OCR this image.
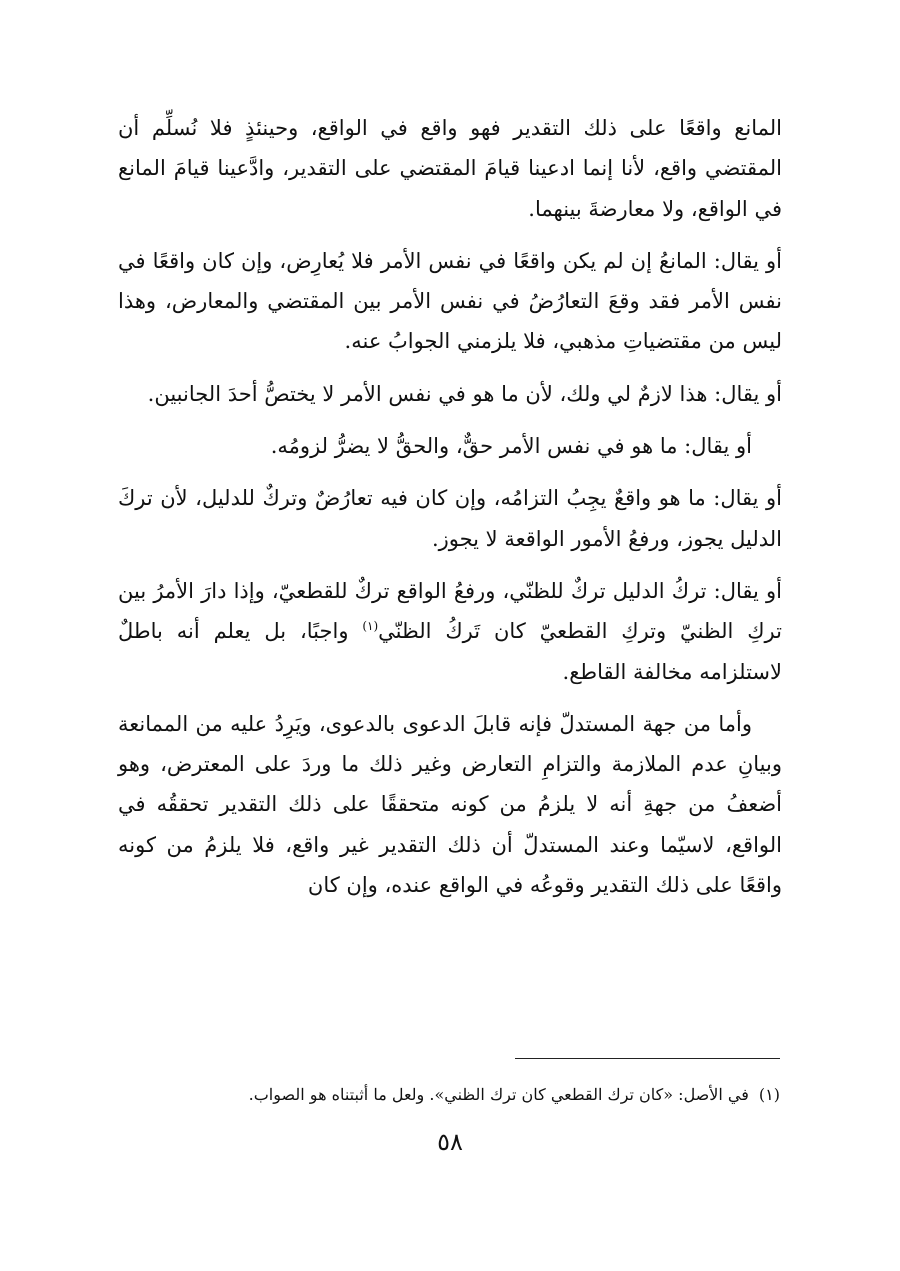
المانع واقعًا على ذلك التقدير فهو واقع في الواقع، وحينئذٍ فلا نُسلِّم أن المقتضي واقع، لأنا إنما ادعينا قيامَ المقتضي على التقدير، وادَّعينا قيامَ المانع في الواقع، ولا معارضةَ بينهما.

أو يقال: المانعُ إن لم يكن واقعًا في نفس الأمر فلا يُعارِض، وإن كان واقعًا في نفس الأمر فقد وقعَ التعارُضُ في نفس الأمر بين المقتضي والمعارض، وهذا ليس من مقتضياتِ مذهبي، فلا يلزمني الجوابُ عنه.

أو يقال: هذا لازمٌ لي ولك، لأن ما هو في نفس الأمر لا يختصُّ أحدَ الجانبين.

أو يقال: ما هو في نفس الأمر حقٌّ، والحقُّ لا يضرُّ لزومُه.

أو يقال: ما هو واقعٌ يجِبُ التزامُه، وإن كان فيه تعارُضٌ وتركٌ للدليل، لأن تركَ الدليل يجوز، ورفعُ الأمور الواقعة لا يجوز.

أو يقال: تركُ الدليل تركٌ للظنّي، ورفعُ الواقع تركٌ للقطعيّ، وإذا دارَ الأمرُ بين تركِ الظنيّ وتركِ القطعيّ كان تَركُ الظنّي$^{(١)}$ واجبًا، بل يعلم أنه باطلٌ لاستلزامه مخالفة القاطع.

وأما من جهة المستدلّ فإنه قابلَ الدعوى بالدعوى، ويَرِدُ عليه من الممانعة وبيانِ عدم الملازمة والتزامِ التعارض وغير ذلك ما وردَ على المعترض، وهو أضعفُ من جهةِ أنه لا يلزمُ من كونه متحققًا على ذلك التقدير تحققُه في الواقع، لاسيّما وعند المستدلّ أن ذلك التقدير غير واقع، فلا يلزمُ من كونه واقعًا على ذلك التقدير وقوعُه في الواقع عنده، وإن كان

(١)في الأصل: «كان ترك القطعي كان ترك الظني». ولعل ما أثبتناه هو الصواب.
٥٨
